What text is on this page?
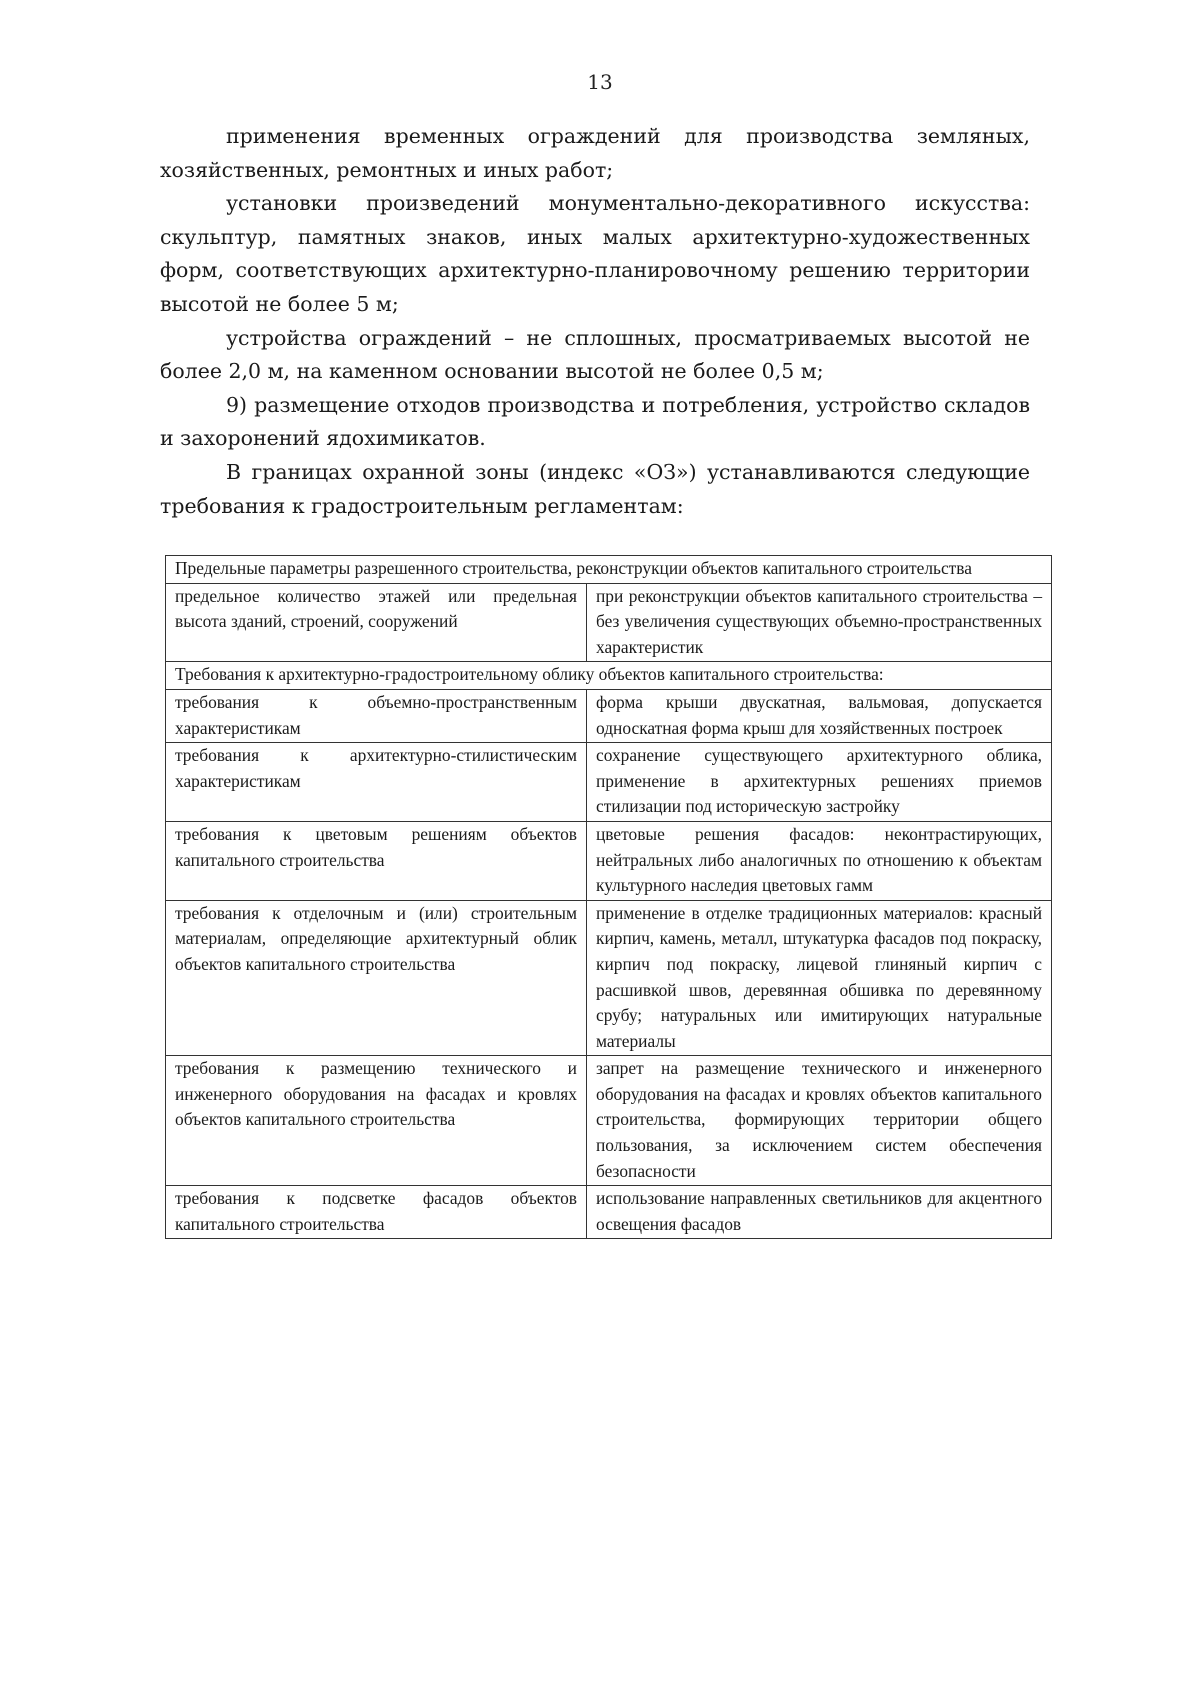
13

применения временных ограждений для производства земляных, хозяйственных, ремонтных и иных работ;

установки произведений монументально-декоративного искусства: скульптур, памятных знаков, иных малых архитектурно-художественных форм, соответствующих архитектурно-планировочному решению территории высотой не более 5 м;

устройства ограждений – не сплошных, просматриваемых высотой не более 2,0 м, на каменном основании высотой не более 0,5 м;

9) размещение отходов производства и потребления, устройство складов и захоронений ядохимикатов.

В границах охранной зоны (индекс «ОЗ») устанавливаются следующие требования к градостроительным регламентам:

Предельные параметры разрешенного строительства, реконструкции объектов капитального строительства	
предельное количество этажей или предельная высота зданий, строений, сооружений	при реконструкции объектов капитального строительства – без увеличения существующих объемно-пространственных характеристик
Требования к архитектурно-градостроительному облику объектов капитального строительства:	
требования к объемно-пространственным характеристикам	форма крыши двускатная, вальмовая, допускается односкатная форма крыш для хозяйственных построек
требования к архитектурно-стилистическим характеристикам	сохранение существующего архитектурного облика, применение в архитектурных решениях приемов стилизации под историческую застройку
требования к цветовым решениям объектов капитального строительства	цветовые решения фасадов: неконтрастирующих, нейтральных либо аналогичных по отношению к объектам культурного наследия цветовых гамм
требования к отделочным и (или) строительным материалам, определяющие архитектурный облик объектов капитального строительства	применение в отделке традиционных материалов: красный кирпич, камень, металл, штукатурка фасадов под покраску, кирпич под покраску, лицевой глиняный кирпич с расшивкой швов, деревянная обшивка по деревянному срубу; натуральных или имитирующих натуральные материалы
требования к размещению технического и инженерного оборудования на фасадах и кровлях объектов капитального строительства	запрет на размещение технического и инженерного оборудования на фасадах и кровлях объектов капитального строительства, формирующих территории общего пользования, за исключением систем обеспечения безопасности
требования к подсветке фасадов объектов капитального строительства	использование направленных светильников для акцентного освещения фасадов
